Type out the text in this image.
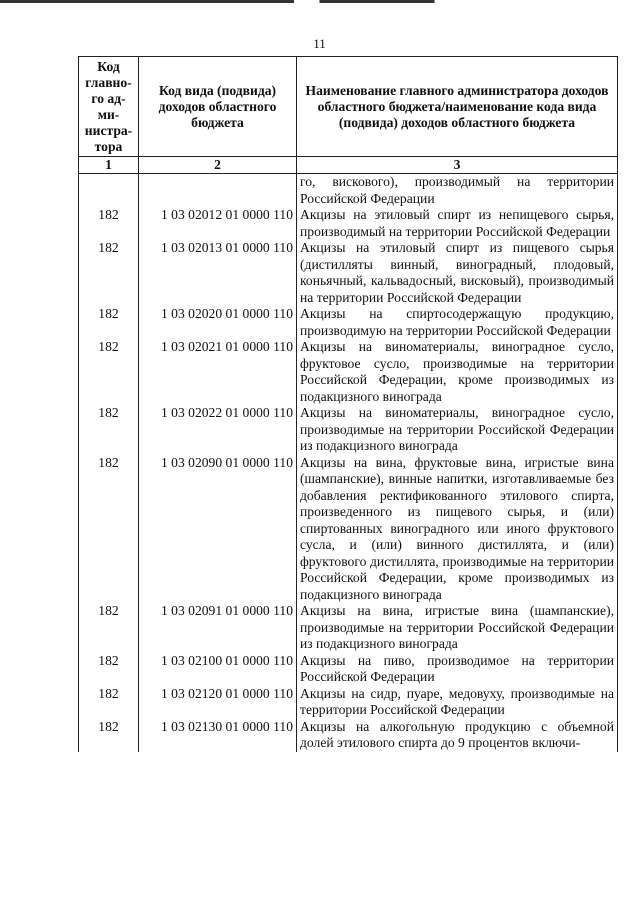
11
Код главно-го ад-ми-нистра-тора	Код вида (подвида) доходов областного бюджета	Наименование главного администратора доходов областного бюджета/наименование кода вида (подвида) доходов областного бюджета
1	2	3
		го, вискового), производимый на территории Российской Федерации
182	1 03 02012 01 0000 110	Акцизы на этиловый спирт из непищевого сырья, производимый на территории Российской Федерации
182	1 03 02013 01 0000 110	Акцизы на этиловый спирт из пищевого сырья (дистилляты винный, виноградный, плодовый, коньячный, кальвадосный, висковый), производимый на территории Российской Федерации
182	1 03 02020 01 0000 110	Акцизы на спиртосодержащую продукцию, производимую на территории Российской Федерации
182	1 03 02021 01 0000 110	Акцизы на виноматериалы, виноградное сусло, фруктовое сусло, производимые на территории Российской Федерации, кроме производимых из подакцизного винограда
182	1 03 02022 01 0000 110	Акцизы на виноматериалы, виноградное сусло, производимые на территории Российской Федерации из подакцизного винограда
182	1 03 02090 01 0000 110	Акцизы на вина, фруктовые вина, игристые вина (шампанские), винные напитки, изготавливаемые без добавления ректификованного этилового спирта, произведенного из пищевого сырья, и (или) спиртованных виноградного или иного фруктового сусла, и (или) винного дистиллята, и (или) фруктового дистиллята, производимые на территории Российской Федерации, кроме производимых из подакцизного винограда
182	1 03 02091 01 0000 110	Акцизы на вина, игристые вина (шампанские), производимые на территории Российской Федерации из подакцизного винограда
182	1 03 02100 01 0000 110	Акцизы на пиво, производимое на территории Российской Федерации
182	1 03 02120 01 0000 110	Акцизы на сидр, пуаре, медовуху, производимые на территории Российской Федерации
182	1 03 02130 01 0000 110	Акцизы на алкогольную продукцию с объемной долей этилового спирта до 9 процентов включи-
